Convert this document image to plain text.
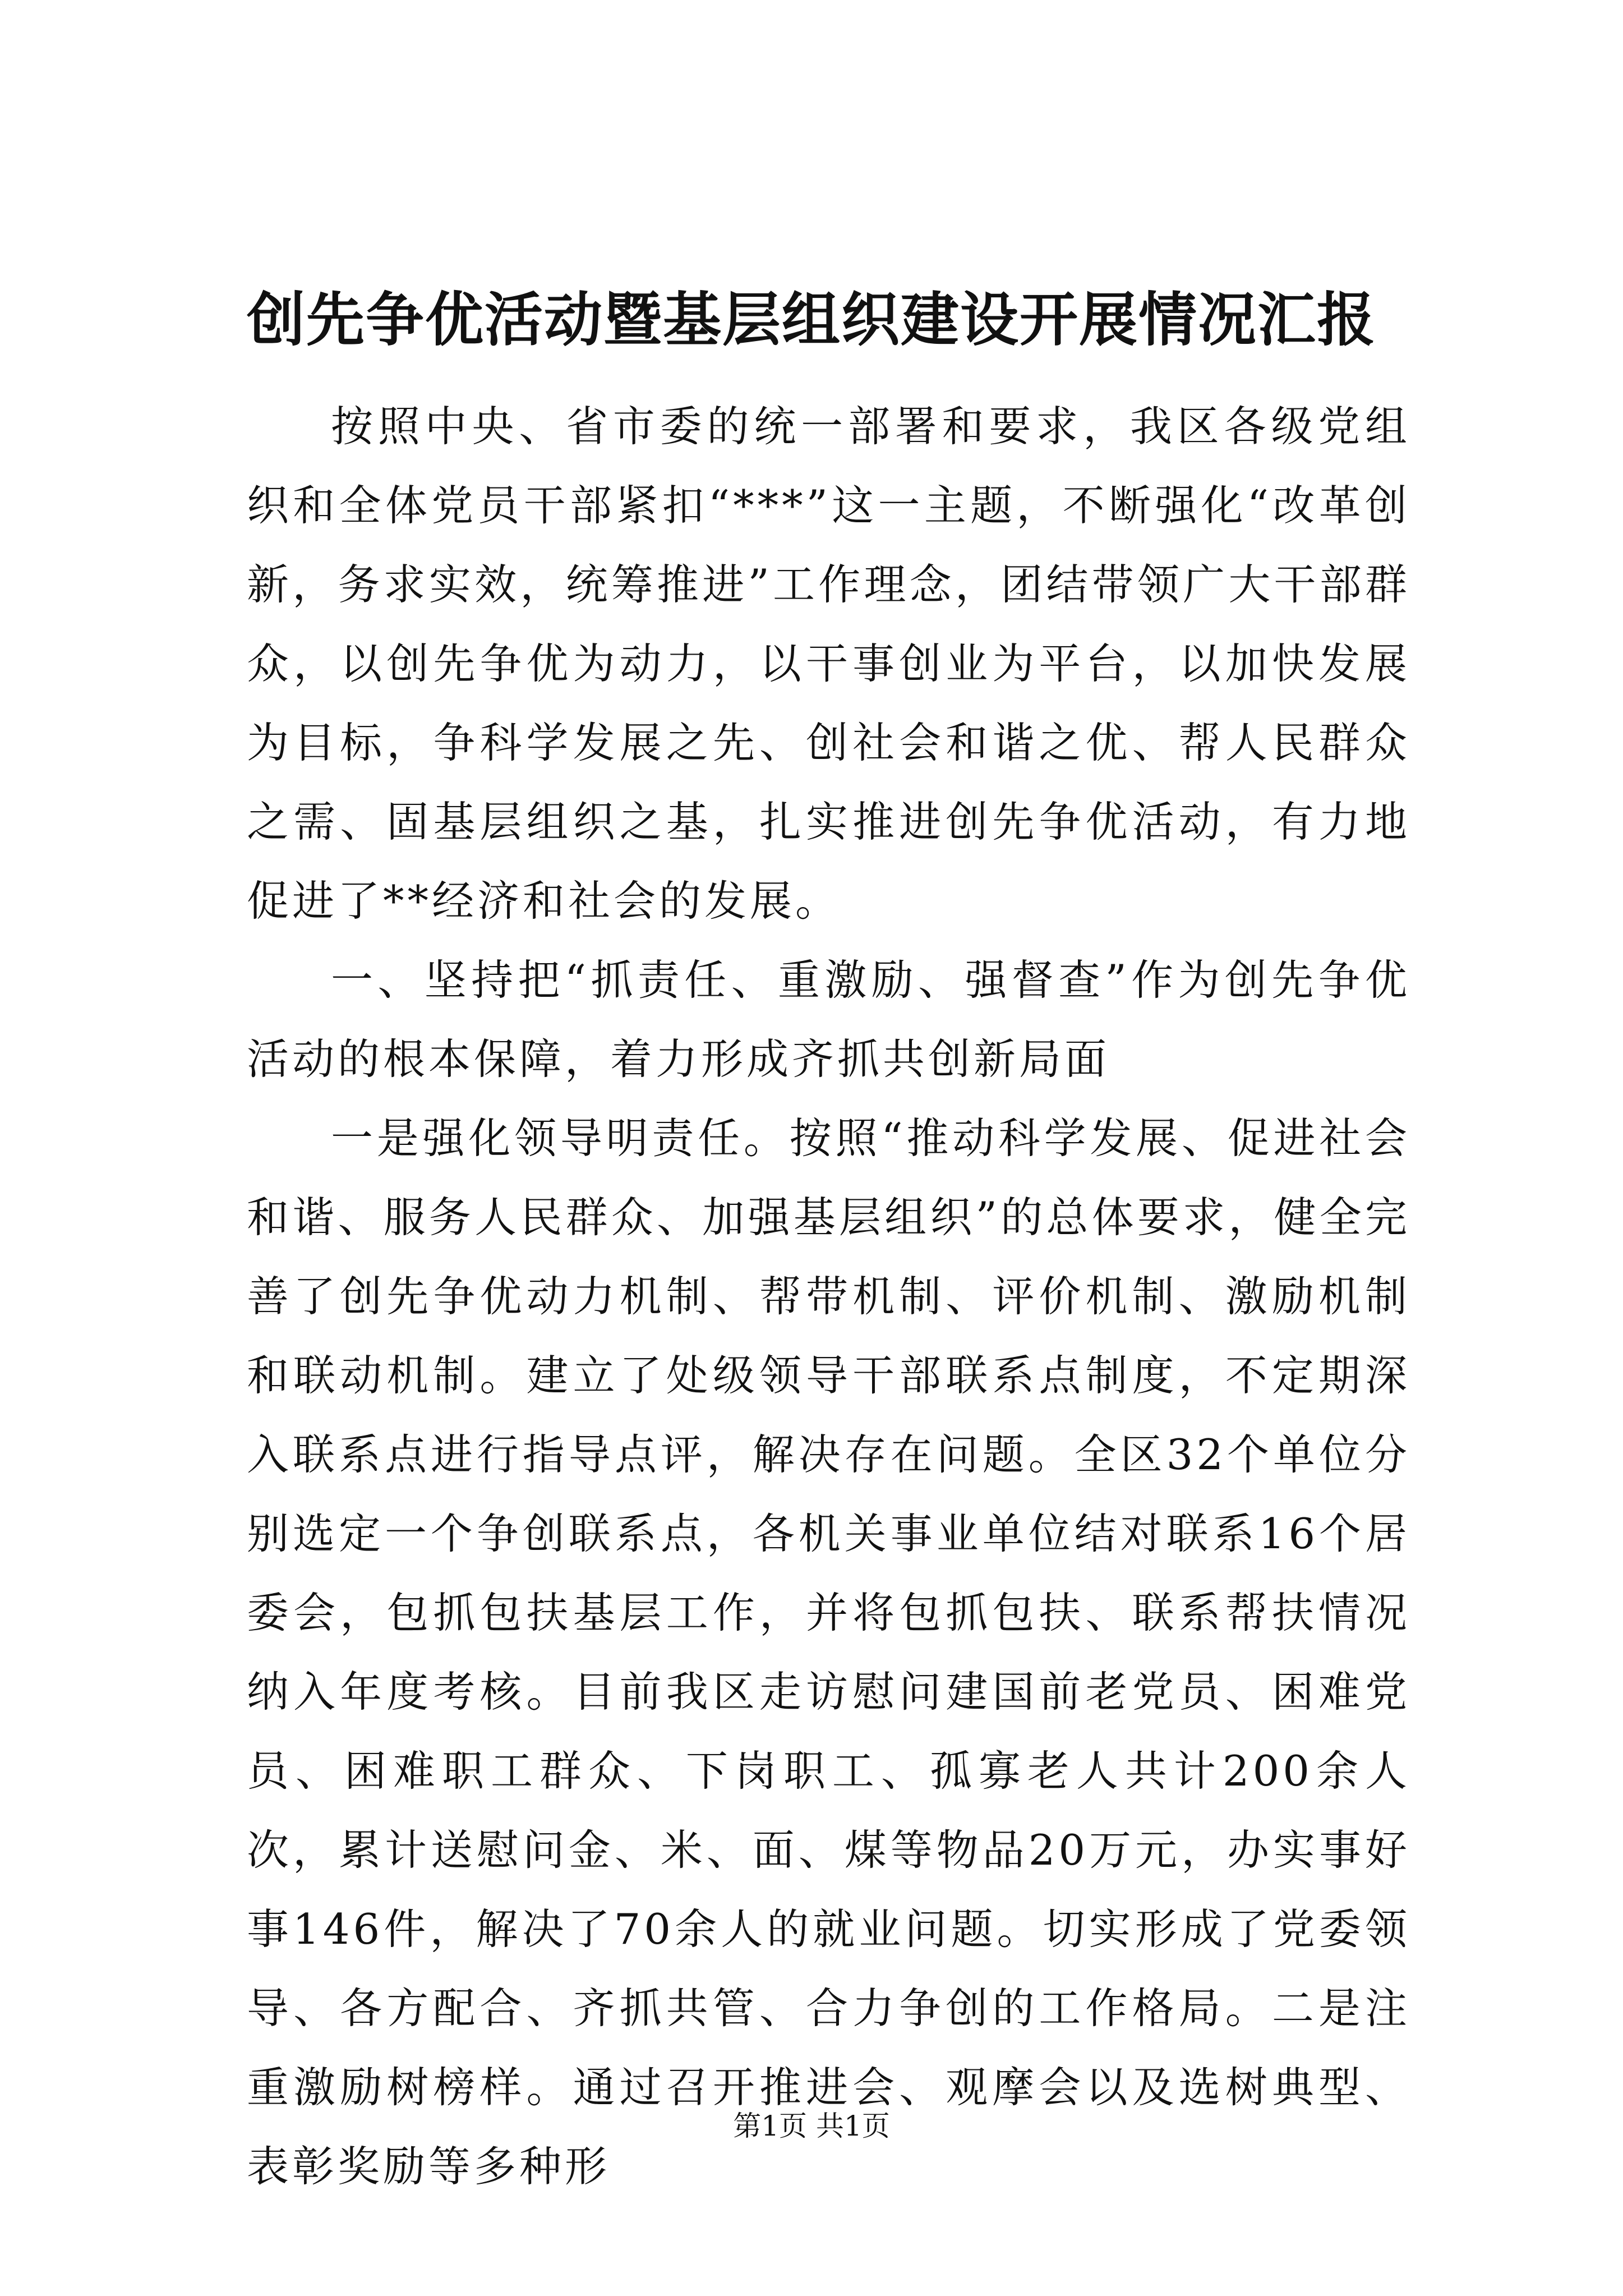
创先争优活动暨基层组织建设开展情况汇报

按照中央、省市委的统一部署和要求，我区各级党组织和全体党员干部紧扣“***”这一主题，不断强化“改革创新，务求实效，统筹推进”工作理念，团结带领广大干部群众，以创先争优为动力，以干事创业为平台，以加快发展为目标，争科学发展之先、创社会和谐之优、帮人民群众之需、固基层组织之基，扎实推进创先争优活动，有力地促进了**经济和社会的发展。

一、坚持把“抓责任、重激励、强督查”作为创先争优活动的根本保障，着力形成齐抓共创新局面

一是强化领导明责任。按照“推动科学发展、促进社会和谐、服务人民群众、加强基层组织”的总体要求，健全完善了创先争优动力机制、帮带机制、评价机制、激励机制和联动机制。建立了处级领导干部联系点制度，不定期深入联系点进行指导点评，解决存在问题。全区32个单位分别选定一个争创联系点，各机关事业单位结对联系16个居委会，包抓包扶基层工作，并将包抓包扶、联系帮扶情况纳入年度考核。目前我区走访慰问建国前老党员、困难党员、困难职工群众、下岗职工、孤寡老人共计200余人次，累计送慰问金、米、面、煤等物品20万元，办实事好事146件，解决了70余人的就业问题。切实形成了党委领导、各方配合、齐抓共管、合力争创的工作格局。二是注重激励树榜样。通过召开推进会、观摩会以及选树典型、表彰奖励等多种形

第1页 共1页
